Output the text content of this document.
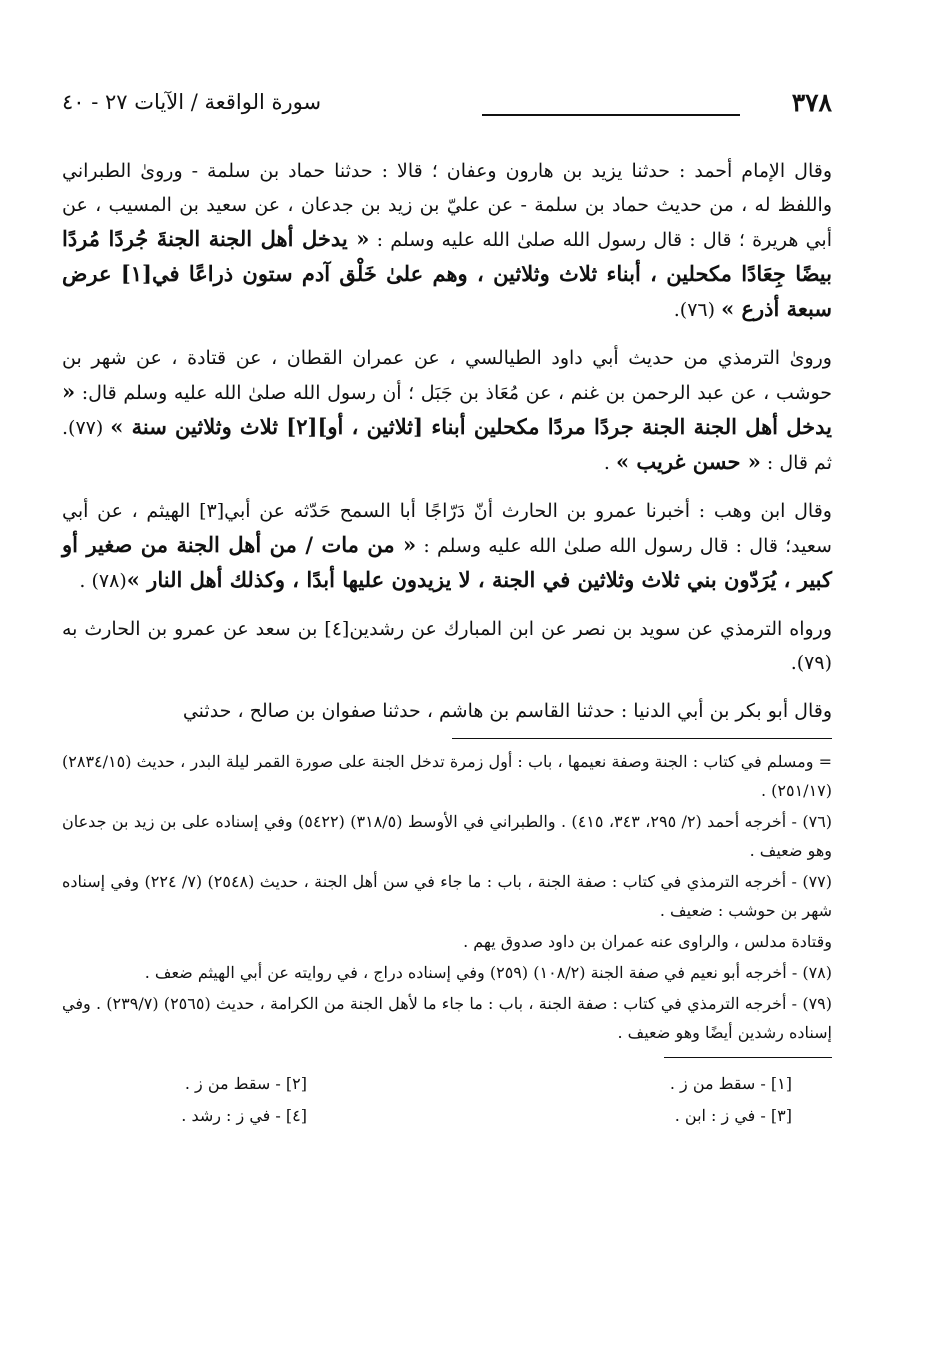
٣٧٨
سورة الواقعة / الآيات ٢٧ - ٤٠

وقال الإمام أحمد : حدثنا يزيد بن هارون وعفان ؛ قالا : حدثنا حماد بن سلمة - وروىٰ الطبراني واللفظ له ، من حديث حماد بن سلمة - عن عليّ بن زيد بن جدعان ، عن سعيد بن المسيب ، عن أبي هريرة ؛ قال : قال رسول الله صلىٰ الله عليه وسلم : « يدخل أهل الجنة الجنةَ جُردًا مُردًا بيضًا جِعَادًا مكحلين ، أبناء ثلاث وثلاثين ، وهم علىٰ خَلْق آدم ستون ذراعًا في[١] عرض سبعة أذرع » (٧٦).

وروىٰ الترمذي من حديث أبي داود الطيالسي ، عن عمران القطان ، عن قتادة ، عن شهر بن حوشب ، عن عبد الرحمن بن غنم ، عن مُعَاذ بن جَبَل ؛ أن رسول الله صلىٰ الله عليه وسلم قال: « يدخل أهل الجنة الجنة جردًا مردًا مكحلين أبناء [ثلاثين ، أو][٢] ثلاث وثلاثين سنة » (٧٧). ثم قال : « حسن غريب » .

وقال ابن وهب : أخبرنا عمرو بن الحارث أنّ دَرّاجًا أبا السمح حَدّثه عن أبي[٣] الهيثم ، عن أبي سعيد؛ قال : قال رسول الله صلىٰ الله عليه وسلم : « من مات / من أهل الجنة من صغير أو كبير ، يُرَدّون بني ثلاث وثلاثين في الجنة ، لا يزيدون عليها أبدًا ، وكذلك أهل النار »(٧٨) .

ورواه الترمذي عن سويد بن نصر عن ابن المبارك عن رشدين[٤] بن سعد عن عمرو بن الحارث به (٧٩).

وقال أبو بكر بن أبي الدنيا : حدثنا القاسم بن هاشم ، حدثنا صفوان بن صالح ، حدثني

= ومسلم في كتاب : الجنة وصفة نعيمها ، باب : أول زمرة تدخل الجنة على صورة القمر ليلة البدر ، حديث (٢٨٣٤/١٥) (٢٥١/١٧) .

(٧٦) - أخرجه أحمد (٢/ ٢٩٥، ٣٤٣، ٤١٥) . والطبراني في الأوسط (٣١٨/٥) (٥٤٢٢) وفي إسناده على بن زيد بن جدعان وهو ضعيف .

(٧٧) - أخرجه الترمذي في كتاب : صفة الجنة ، باب : ما جاء في سن أهل الجنة ، حديث (٢٥٤٨) (٧/ ٢٢٤) وفي إسناده شهر بن حوشب : ضعيف .

وقتادة مدلس ، والراوى عنه عمران بن داود صدوق يهم .

(٧٨) - أخرجه أبو نعيم في صفة الجنة (١٠٨/٢) (٢٥٩) وفي إسناده دراج ، في روايته عن أبي الهيثم ضعف .

(٧٩) - أخرجه الترمذي في كتاب : صفة الجنة ، باب : ما جاء ما لأهل الجنة من الكرامة ، حديث (٢٥٦٥) (٢٣٩/٧) . وفي إسناده رشدين أيضًا وهو ضعيف .

[١] - سقط من ز .
[٢] - سقط من ز .
[٣] - في ز : ابن .
[٤] - في ز : رشد .
